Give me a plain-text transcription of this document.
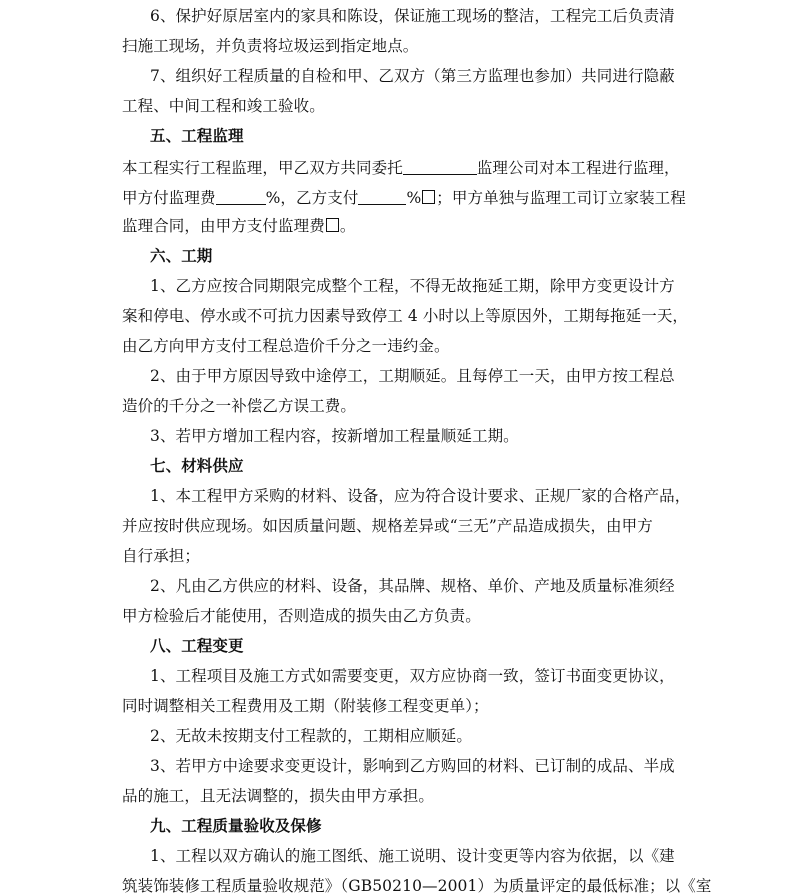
6、保护好原居室内的家具和陈设，保证施工现场的整洁，工程完工后负责清
扫施工现场，并负责将垃圾运到指定地点。
7、组织好工程质量的自检和甲、乙双方（第三方监理也参加）共同进行隐蔽
工程、中间工程和竣工验收。
五、工程监理
本工程实行工程监理，甲乙双方共同委托	监理公司对本工程进行监理，
甲方付监理费	%，乙方支付	% ；甲方单独与监理工司订立家装工程
监理合同，由甲方支付监理费 。
六、工期
1、乙方应按合同期限完成整个工程，不得无故拖延工期，除甲方变更设计方
案和停电、停水或不可抗力因素导致停工 4 小时以上等原因外，工期每拖延一天，
由乙方向甲方支付工程总造价千分之一违约金。
2、由于甲方原因导致中途停工，工期顺延。且每停工一天，由甲方按工程总
造价的千分之一补偿乙方误工费。
3、若甲方增加工程内容，按新增加工程量顺延工期。
七、材料供应
1、本工程甲方采购的材料、设备，应为符合设计要求、正规厂家的合格产品，
并应按时供应现场。如因质量问题、规格差异或“三无”产品造成损失，由甲方
自行承担；
2、凡由乙方供应的材料、设备，其品牌、规格、单价、产地及质量标准须经
甲方检验后才能使用，否则造成的损失由乙方负责。
八、工程变更
1、工程项目及施工方式如需要变更，双方应协商一致，签订书面变更协议，
同时调整相关工程费用及工期（附装修工程变更单）；
2、无故未按期支付工程款的，工期相应顺延。
3、若甲方中途要求变更设计，影响到乙方购回的材料、已订制的成品、半成
品的施工，且无法调整的，损失由甲方承担。
九、工程质量验收及保修
1、工程以双方确认的施工图纸、施工说明、设计变更等内容为依据，以《建
筑装饰装修工程质量验收规范》（GB50210—2001）为质量评定的最低标准；以《室
